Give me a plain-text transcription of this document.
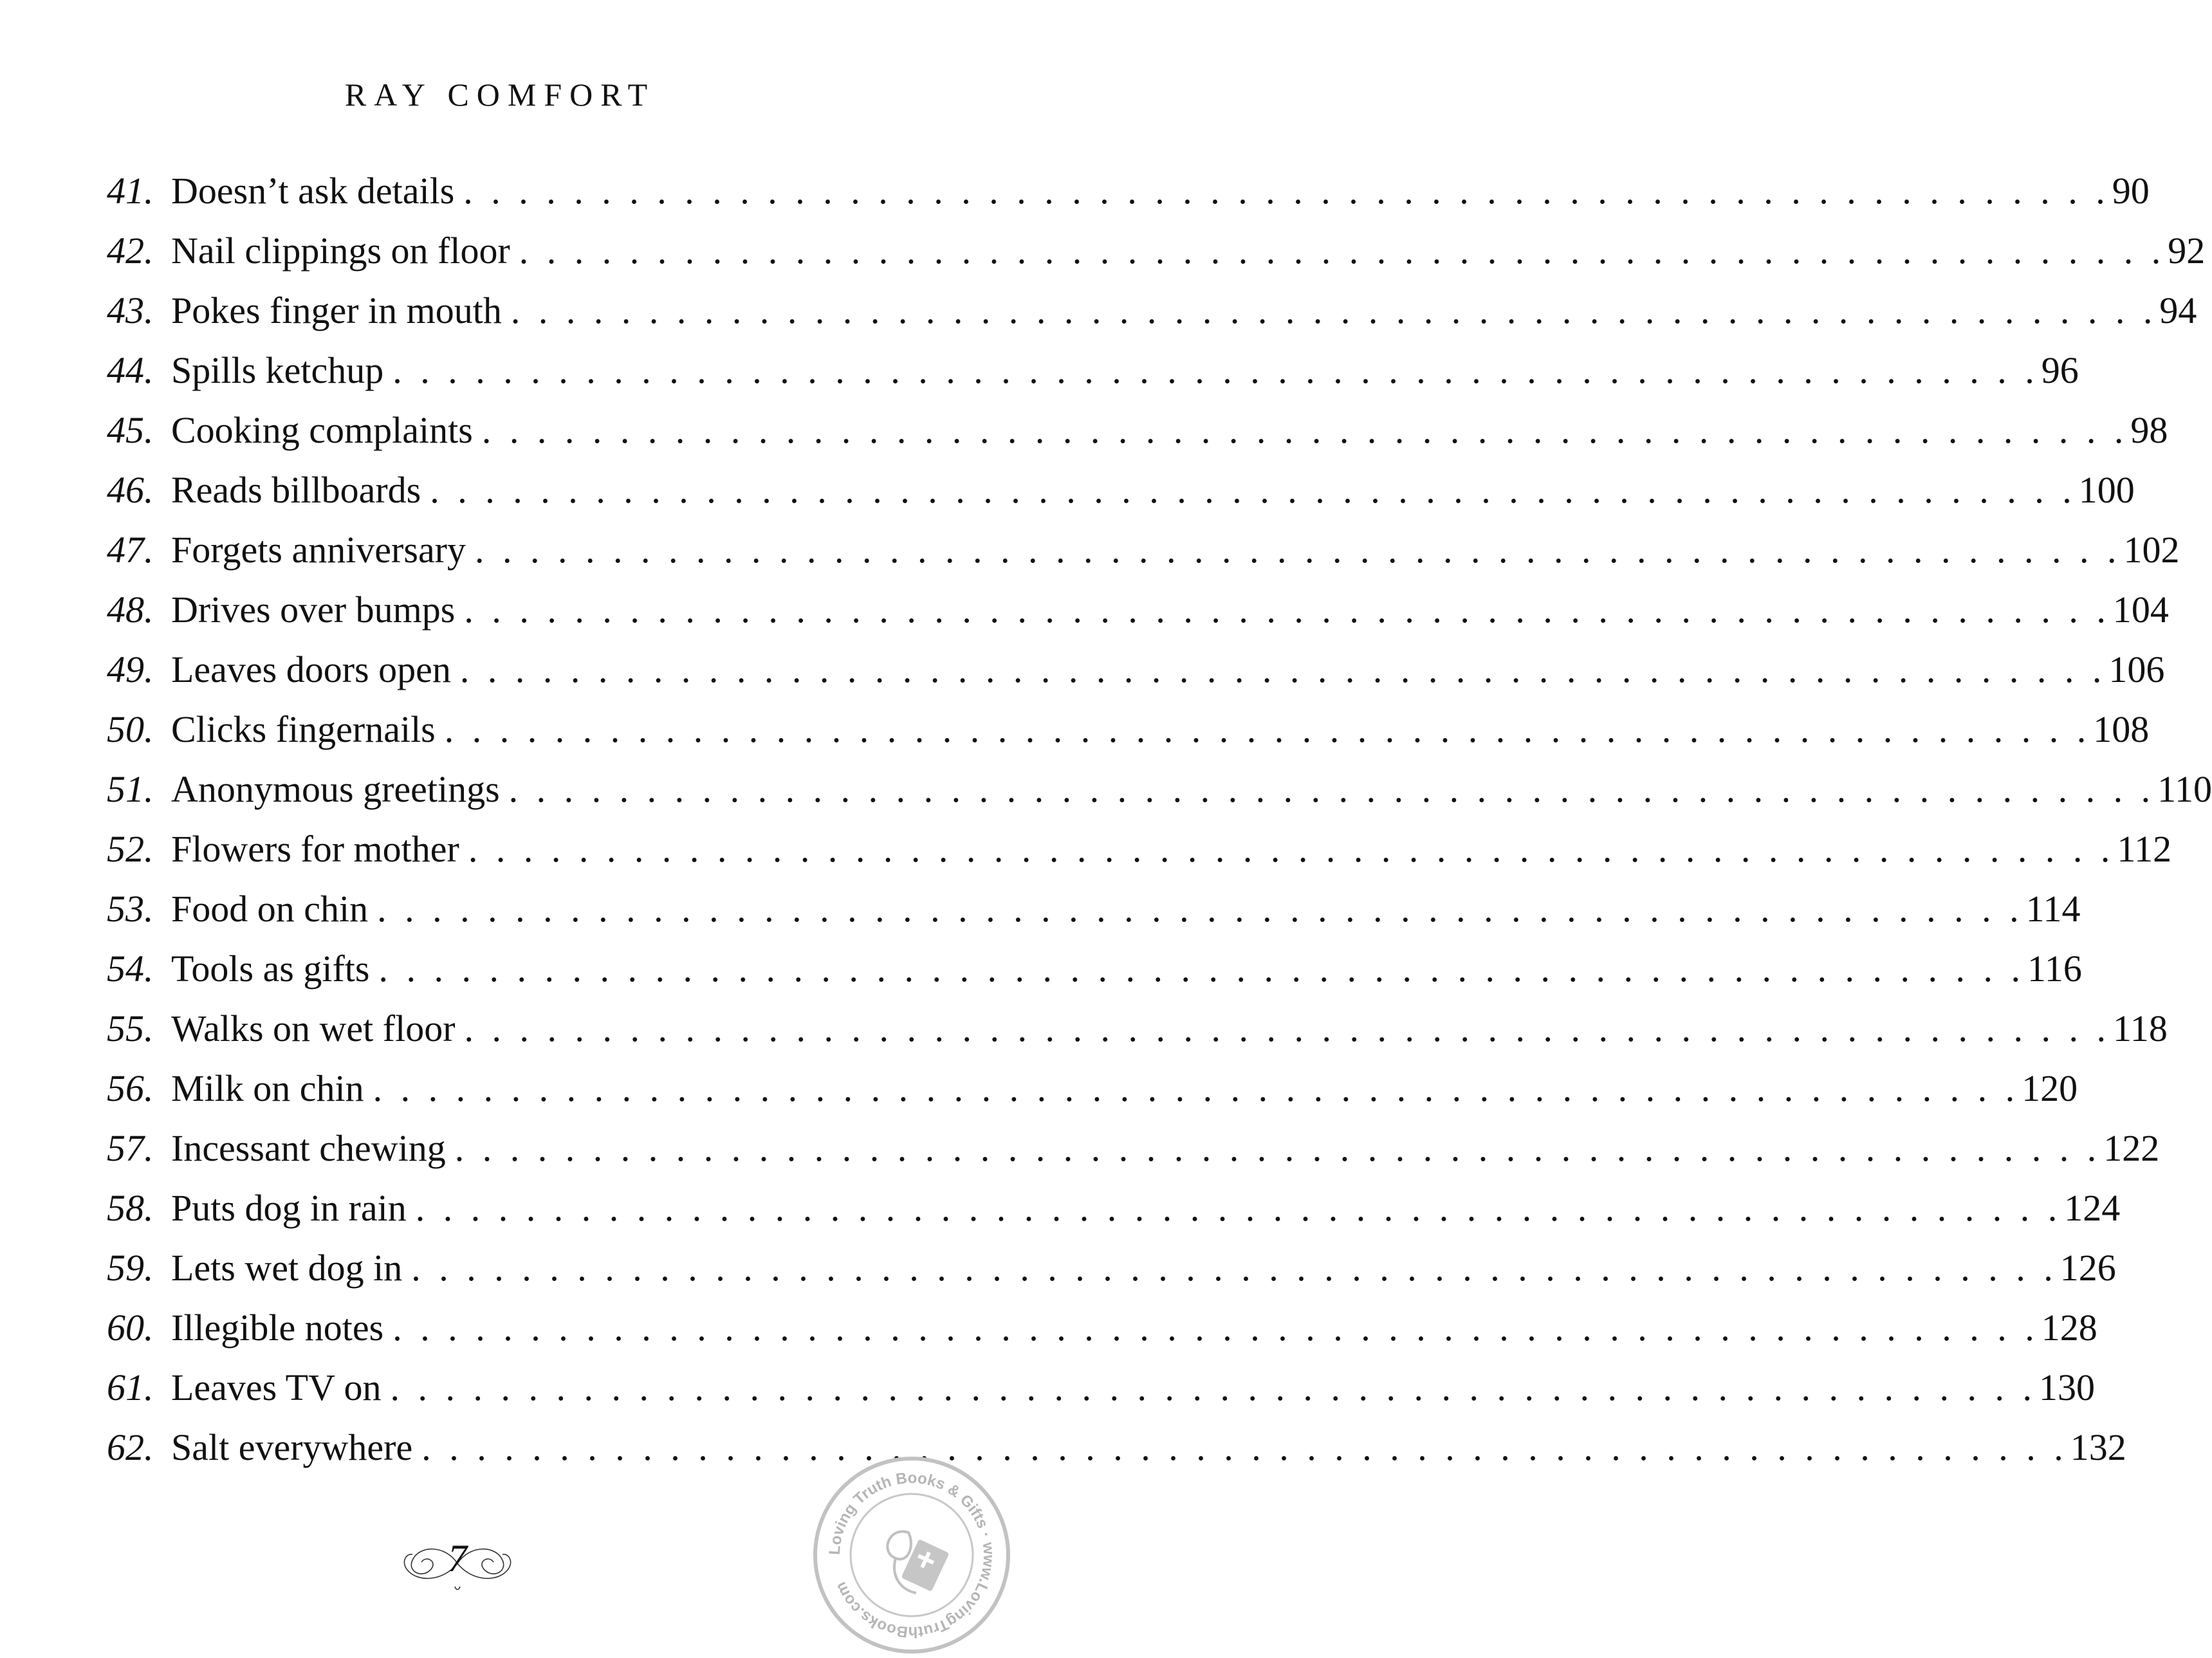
RAY COMFORT
41. Doesn’t ask details . . . . . . . . . . . . . . . . . . . . . . . . . . . . . . . . . . . . . . . . . . . . . . . . . . . . . . . . . . . . 90
42. Nail clippings on floor . . . . . . . . . . . . . . . . . . . . . . . . . . . . . . . . . . . . . . . . . . . . . . . . . . . . . . . . . . . . 92
43. Pokes finger in mouth . . . . . . . . . . . . . . . . . . . . . . . . . . . . . . . . . . . . . . . . . . . . . . . . . . . . . . . . . . . . 94
44. Spills ketchup . . . . . . . . . . . . . . . . . . . . . . . . . . . . . . . . . . . . . . . . . . . . . . . . . . . . . . . . . . . . 96
45. Cooking complaints . . . . . . . . . . . . . . . . . . . . . . . . . . . . . . . . . . . . . . . . . . . . . . . . . . . . . . . . . . . . 98
46. Reads billboards . . . . . . . . . . . . . . . . . . . . . . . . . . . . . . . . . . . . . . . . . . . . . . . . . . . . . . . . . . . . 100
47. Forgets anniversary . . . . . . . . . . . . . . . . . . . . . . . . . . . . . . . . . . . . . . . . . . . . . . . . . . . . . . . . . . . . 102
48. Drives over bumps . . . . . . . . . . . . . . . . . . . . . . . . . . . . . . . . . . . . . . . . . . . . . . . . . . . . . . . . . . . . 104
49. Leaves doors open . . . . . . . . . . . . . . . . . . . . . . . . . . . . . . . . . . . . . . . . . . . . . . . . . . . . . . . . . . . . 106
50. Clicks fingernails . . . . . . . . . . . . . . . . . . . . . . . . . . . . . . . . . . . . . . . . . . . . . . . . . . . . . . . . . . . . 108
51. Anonymous greetings . . . . . . . . . . . . . . . . . . . . . . . . . . . . . . . . . . . . . . . . . . . . . . . . . . . . . . . . . . . . 110
52. Flowers for mother . . . . . . . . . . . . . . . . . . . . . . . . . . . . . . . . . . . . . . . . . . . . . . . . . . . . . . . . . . . . 112
53. Food on chin . . . . . . . . . . . . . . . . . . . . . . . . . . . . . . . . . . . . . . . . . . . . . . . . . . . . . . . . . . . . 114
54. Tools as gifts . . . . . . . . . . . . . . . . . . . . . . . . . . . . . . . . . . . . . . . . . . . . . . . . . . . . . . . . . . . . 116
55. Walks on wet floor . . . . . . . . . . . . . . . . . . . . . . . . . . . . . . . . . . . . . . . . . . . . . . . . . . . . . . . . . . . . 118
56. Milk on chin . . . . . . . . . . . . . . . . . . . . . . . . . . . . . . . . . . . . . . . . . . . . . . . . . . . . . . . . . . . . 120
57. Incessant chewing . . . . . . . . . . . . . . . . . . . . . . . . . . . . . . . . . . . . . . . . . . . . . . . . . . . . . . . . . . . . 122
58. Puts dog in rain . . . . . . . . . . . . . . . . . . . . . . . . . . . . . . . . . . . . . . . . . . . . . . . . . . . . . . . . . . . . 124
59. Lets wet dog in . . . . . . . . . . . . . . . . . . . . . . . . . . . . . . . . . . . . . . . . . . . . . . . . . . . . . . . . . . . . 126
60. Illegible notes . . . . . . . . . . . . . . . . . . . . . . . . . . . . . . . . . . . . . . . . . . . . . . . . . . . . . . . . . . . . 128
61. Leaves TV on . . . . . . . . . . . . . . . . . . . . . . . . . . . . . . . . . . . . . . . . . . . . . . . . . . . . . . . . . . . . 130
62. Salt everywhere . . . . . . . . . . . . . . . . . . . . . . . . . . . . . . . . . . . . . . . . . . . . . . . . . . . . . . . . . . . . 132
7	Loving Truth Books & Gifts · www.LovingTruthBooks.com
